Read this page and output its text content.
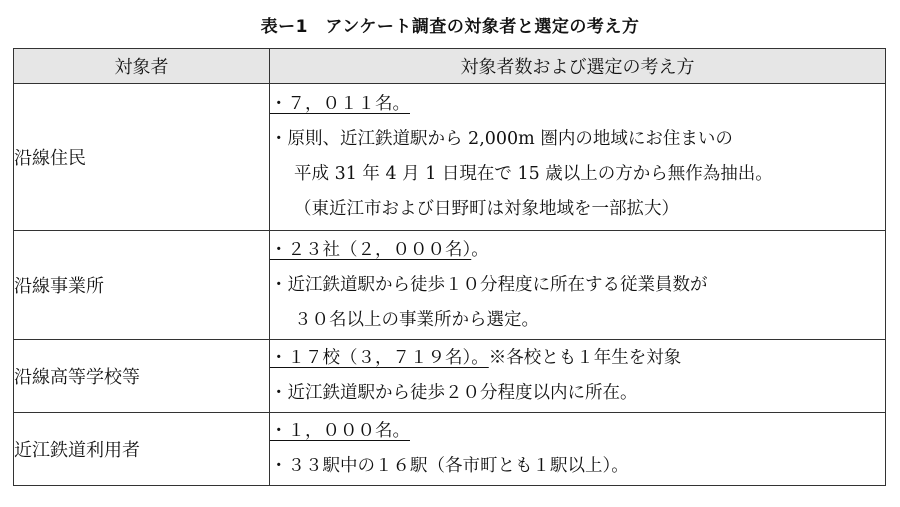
表ー1　アンケート調査の対象者と選定の考え方
対象者	対象者数および選定の考え方
沿線住民	・７，０１１名。
・原則、近江鉄道駅から 2,000m 圏内の地域にお住まいの
平成 31 年 4 月 1 日現在で 15 歳以上の方から無作為抽出。
（東近江市および日野町は対象地域を一部拡大）

沿線事業所	・２３社（２，０００名）。
・近江鉄道駅から徒歩１０分程度に所在する従業員数が
３０名以上の事業所から選定。

沿線高等学校等	・１７校（３，７１９名）。※各校とも１年生を対象
・近江鉄道駅から徒歩２０分程度以内に所在。

近江鉄道利用者	・１，０００名。
・３３駅中の１６駅（各市町とも１駅以上）。
